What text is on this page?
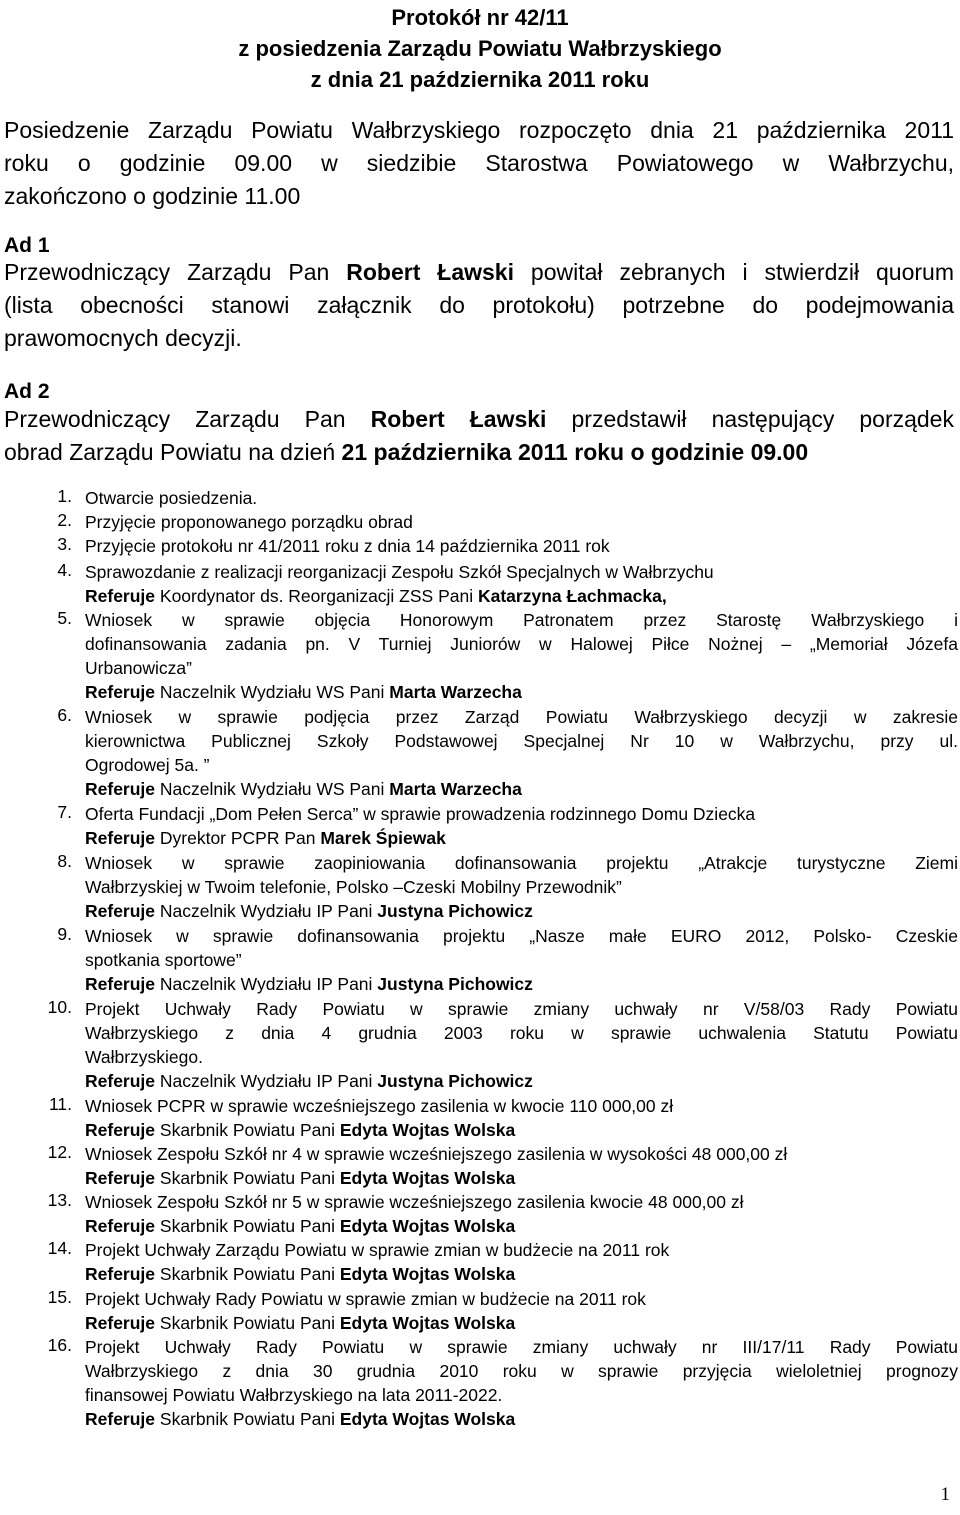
Protokół nr 42/11
z posiedzenia Zarządu Powiatu Wałbrzyskiego
z dnia 21 października 2011 roku
Posiedzenie Zarządu Powiatu Wałbrzyskiego rozpoczęto dnia 21 października 2011
roku o godzinie 09.00 w siedzibie Starostwa Powiatowego w Wałbrzychu,
zakończono o godzinie 11.00
Ad 1
Przewodniczący Zarządu Pan Robert Ławski powitał zebranych i stwierdził quorum
(lista obecności stanowi załącznik do protokołu) potrzebne do podejmowania
prawomocnych decyzji.
Ad 2
Przewodniczący Zarządu Pan Robert Ławski przedstawił następujący porządek
obrad Zarządu Powiatu na dzień 21 października 2011 roku o godzinie 09.00
1. Otwarcie posiedzenia.
2. Przyjęcie proponowanego porządku obrad
3. Przyjęcie protokołu nr 41/2011 roku z dnia 14 października 2011 rok
4. Sprawozdanie z realizacji reorganizacji Zespołu Szkół Specjalnych w Wałbrzychu
Referuje Koordynator ds. Reorganizacji ZSS Pani Katarzyna Łachmacka,
5. Wniosek w sprawie objęcia Honorowym Patronatem przez Starostę Wałbrzyskiego i
dofinansowania zadania pn. V Turniej Juniorów w Halowej Piłce Nożnej – „Memoriał Józefa
Urbanowicza”
Referuje Naczelnik Wydziału WS Pani Marta Warzecha
6. Wniosek w sprawie podjęcia przez Zarząd Powiatu Wałbrzyskiego decyzji w zakresie
kierownictwa Publicznej Szkoły Podstawowej Specjalnej Nr 10 w Wałbrzychu, przy ul.
Ogrodowej 5a. ”
Referuje Naczelnik Wydziału WS Pani Marta Warzecha
7. Oferta Fundacji „Dom Pełen Serca” w sprawie prowadzenia rodzinnego Domu Dziecka
Referuje Dyrektor PCPR Pan Marek Śpiewak
8. Wniosek w sprawie zaopiniowania dofinansowania projektu „Atrakcje turystyczne Ziemi
Wałbrzyskiej w Twoim telefonie, Polsko –Czeski Mobilny Przewodnik”
Referuje Naczelnik Wydziału IP Pani Justyna Pichowicz
9. Wniosek w sprawie dofinansowania projektu „Nasze małe EURO 2012, Polsko- Czeskie
spotkania sportowe”
Referuje Naczelnik Wydziału IP Pani Justyna Pichowicz
10. Projekt Uchwały Rady Powiatu w sprawie zmiany uchwały nr V/58/03 Rady Powiatu
Wałbrzyskiego z dnia 4 grudnia 2003 roku w sprawie uchwalenia Statutu Powiatu
Wałbrzyskiego.
Referuje Naczelnik Wydziału IP Pani Justyna Pichowicz
11. Wniosek PCPR w sprawie wcześniejszego zasilenia w kwocie 110 000,00 zł
Referuje Skarbnik Powiatu Pani Edyta Wojtas Wolska
12. Wniosek Zespołu Szkół nr 4 w sprawie wcześniejszego zasilenia w wysokości 48 000,00 zł
Referuje Skarbnik Powiatu Pani Edyta Wojtas Wolska
13. Wniosek Zespołu Szkół nr 5 w sprawie wcześniejszego zasilenia kwocie 48 000,00 zł
Referuje Skarbnik Powiatu Pani Edyta Wojtas Wolska
14. Projekt Uchwały Zarządu Powiatu w sprawie zmian w budżecie na 2011 rok
Referuje Skarbnik Powiatu Pani Edyta Wojtas Wolska
15. Projekt Uchwały Rady Powiatu w sprawie zmian w budżecie na 2011 rok
Referuje Skarbnik Powiatu Pani Edyta Wojtas Wolska
16. Projekt Uchwały Rady Powiatu w sprawie zmiany uchwały nr III/17/11 Rady Powiatu
Wałbrzyskiego z dnia 30 grudnia 2010 roku w sprawie przyjęcia wieloletniej prognozy
finansowej Powiatu Wałbrzyskiego na lata 2011-2022.
Referuje Skarbnik Powiatu Pani Edyta Wojtas Wolska
1
